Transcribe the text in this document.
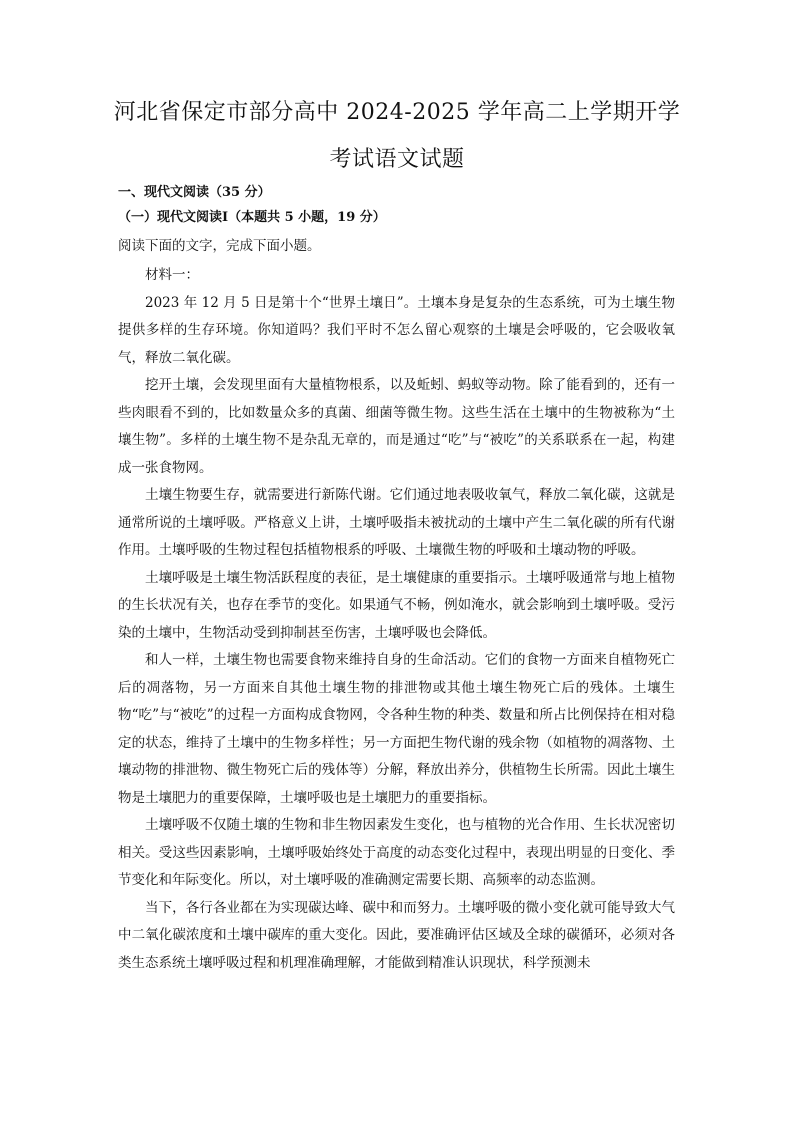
河北省保定市部分高中 2024-2025 学年高二上学期开学
考试语文试题
一、现代文阅读（35 分）
（一）现代文阅读Ⅰ（本题共 5 小题，19 分）

阅读下面的文字，完成下面小题。

材料一：

2023 年 12 月 5 日是第十个“世界土壤日”。土壤本身是复杂的生态系统，可为土壤生物提供多样的生存环境。你知道吗？我们平时不怎么留心观察的土壤是会呼吸的，它会吸收氧气，释放二氧化碳。

挖开土壤，会发现里面有大量植物根系，以及蚯蚓、蚂蚁等动物。除了能看到的，还有一些肉眼看不到的，比如数量众多的真菌、细菌等微生物。这些生活在土壤中的生物被称为“土壤生物”。多样的土壤生物不是杂乱无章的，而是通过“吃”与“被吃”的关系联系在一起，构建成一张食物网。

土壤生物要生存，就需要进行新陈代谢。它们通过地表吸收氧气，释放二氧化碳，这就是通常所说的土壤呼吸。严格意义上讲，土壤呼吸指未被扰动的土壤中产生二氧化碳的所有代谢作用。土壤呼吸的生物过程包括植物根系的呼吸、土壤微生物的呼吸和土壤动物的呼吸。

土壤呼吸是土壤生物活跃程度的表征，是土壤健康的重要指示。土壤呼吸通常与地上植物的生长状况有关，也存在季节的变化。如果通气不畅，例如淹水，就会影响到土壤呼吸。受污染的土壤中，生物活动受到抑制甚至伤害，土壤呼吸也会降低。

和人一样，土壤生物也需要食物来维持自身的生命活动。它们的食物一方面来自植物死亡后的凋落物，另一方面来自其他土壤生物的排泄物或其他土壤生物死亡后的残体。土壤生物“吃”与“被吃”的过程一方面构成食物网，令各种生物的种类、数量和所占比例保持在相对稳定的状态，维持了土壤中的生物多样性；另一方面把生物代谢的残余物（如植物的凋落物、土壤动物的排泄物、微生物死亡后的残体等）分解，释放出养分，供植物生长所需。因此土壤生物是土壤肥力的重要保障，土壤呼吸也是土壤肥力的重要指标。

土壤呼吸不仅随土壤的生物和非生物因素发生变化，也与植物的光合作用、生长状况密切相关。受这些因素影响，土壤呼吸始终处于高度的动态变化过程中，表现出明显的日变化、季节变化和年际变化。所以，对土壤呼吸的准确测定需要长期、高频率的动态监测。

当下，各行各业都在为实现碳达峰、碳中和而努力。土壤呼吸的微小变化就可能导致大气中二氧化碳浓度和土壤中碳库的重大变化。因此，要准确评估区域及全球的碳循环，必须对各类生态系统土壤呼吸过程和机理准确理解，才能做到精准认识现状，科学预测未
